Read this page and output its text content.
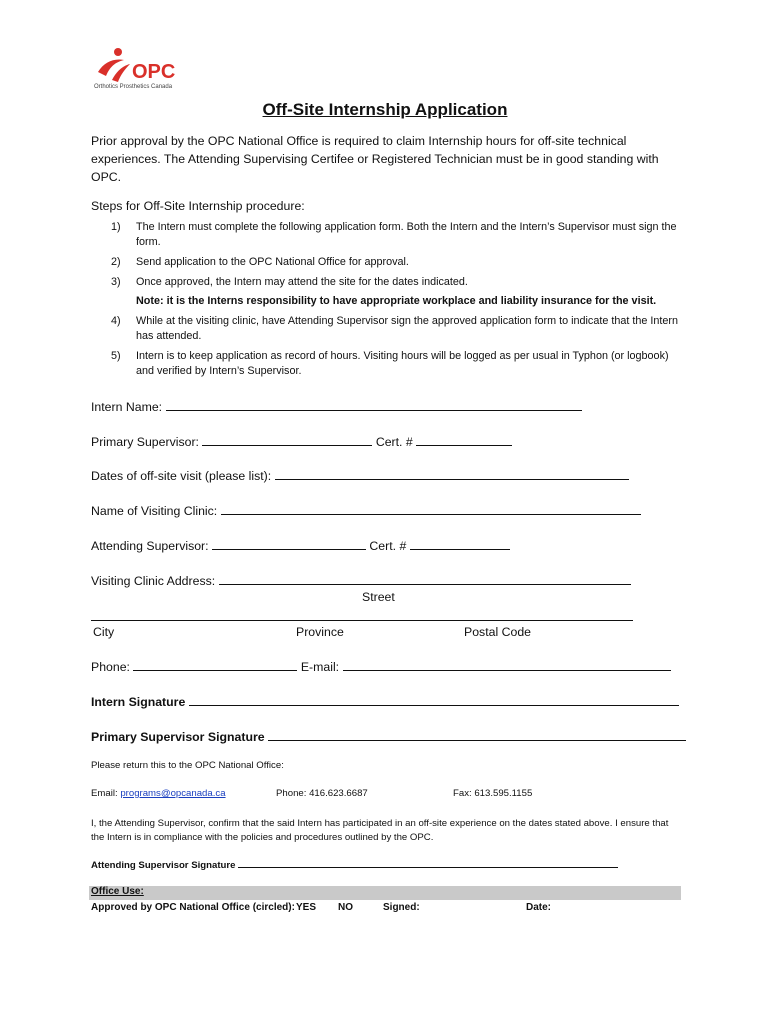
OPC
Orthotics Prosthetics Canada
Off-Site Internship Application
Prior approval by the OPC National Office is required to claim Internship hours for off-site technical experiences. The Attending Supervising Certifee or Registered Technician must be in good standing with OPC.
Steps for Off-Site Internship procedure:
1) The Intern must complete the following application form. Both the Intern and the Intern’s Supervisor must sign the form.
2) Send application to the OPC National Office for approval.
3) Once approved, the Intern may attend the site for the dates indicated.
Note: it is the Interns responsibility to have appropriate workplace and liability insurance for the visit.
4) While at the visiting clinic, have Attending Supervisor sign the approved application form to indicate that the Intern has attended.
5) Intern is to keep application as record of hours. Visiting hours will be logged as per usual in Typhon (or logbook) and verified by Intern’s Supervisor.
Intern Name:
Primary Supervisor:	Cert. #
Dates of off-site visit (please list):
Name of Visiting Clinic:
Attending Supervisor:	Cert. #
Visiting Clinic Address:
Street
City	Province	Postal Code
Phone:	E-mail:
Intern Signature
Primary Supervisor Signature
Please return this to the OPC National Office:
Email: programs@opcanada.ca	Phone: 416.623.6687	Fax: 613.595.1155
I, the Attending Supervisor, confirm that the said Intern has participated in an off-site experience on the dates stated above. I ensure that the Intern is in compliance with the policies and procedures outlined by the OPC.
Attending Supervisor Signature
Office Use:
Approved by OPC National Office (circled): YES NO	Signed:	Date:
